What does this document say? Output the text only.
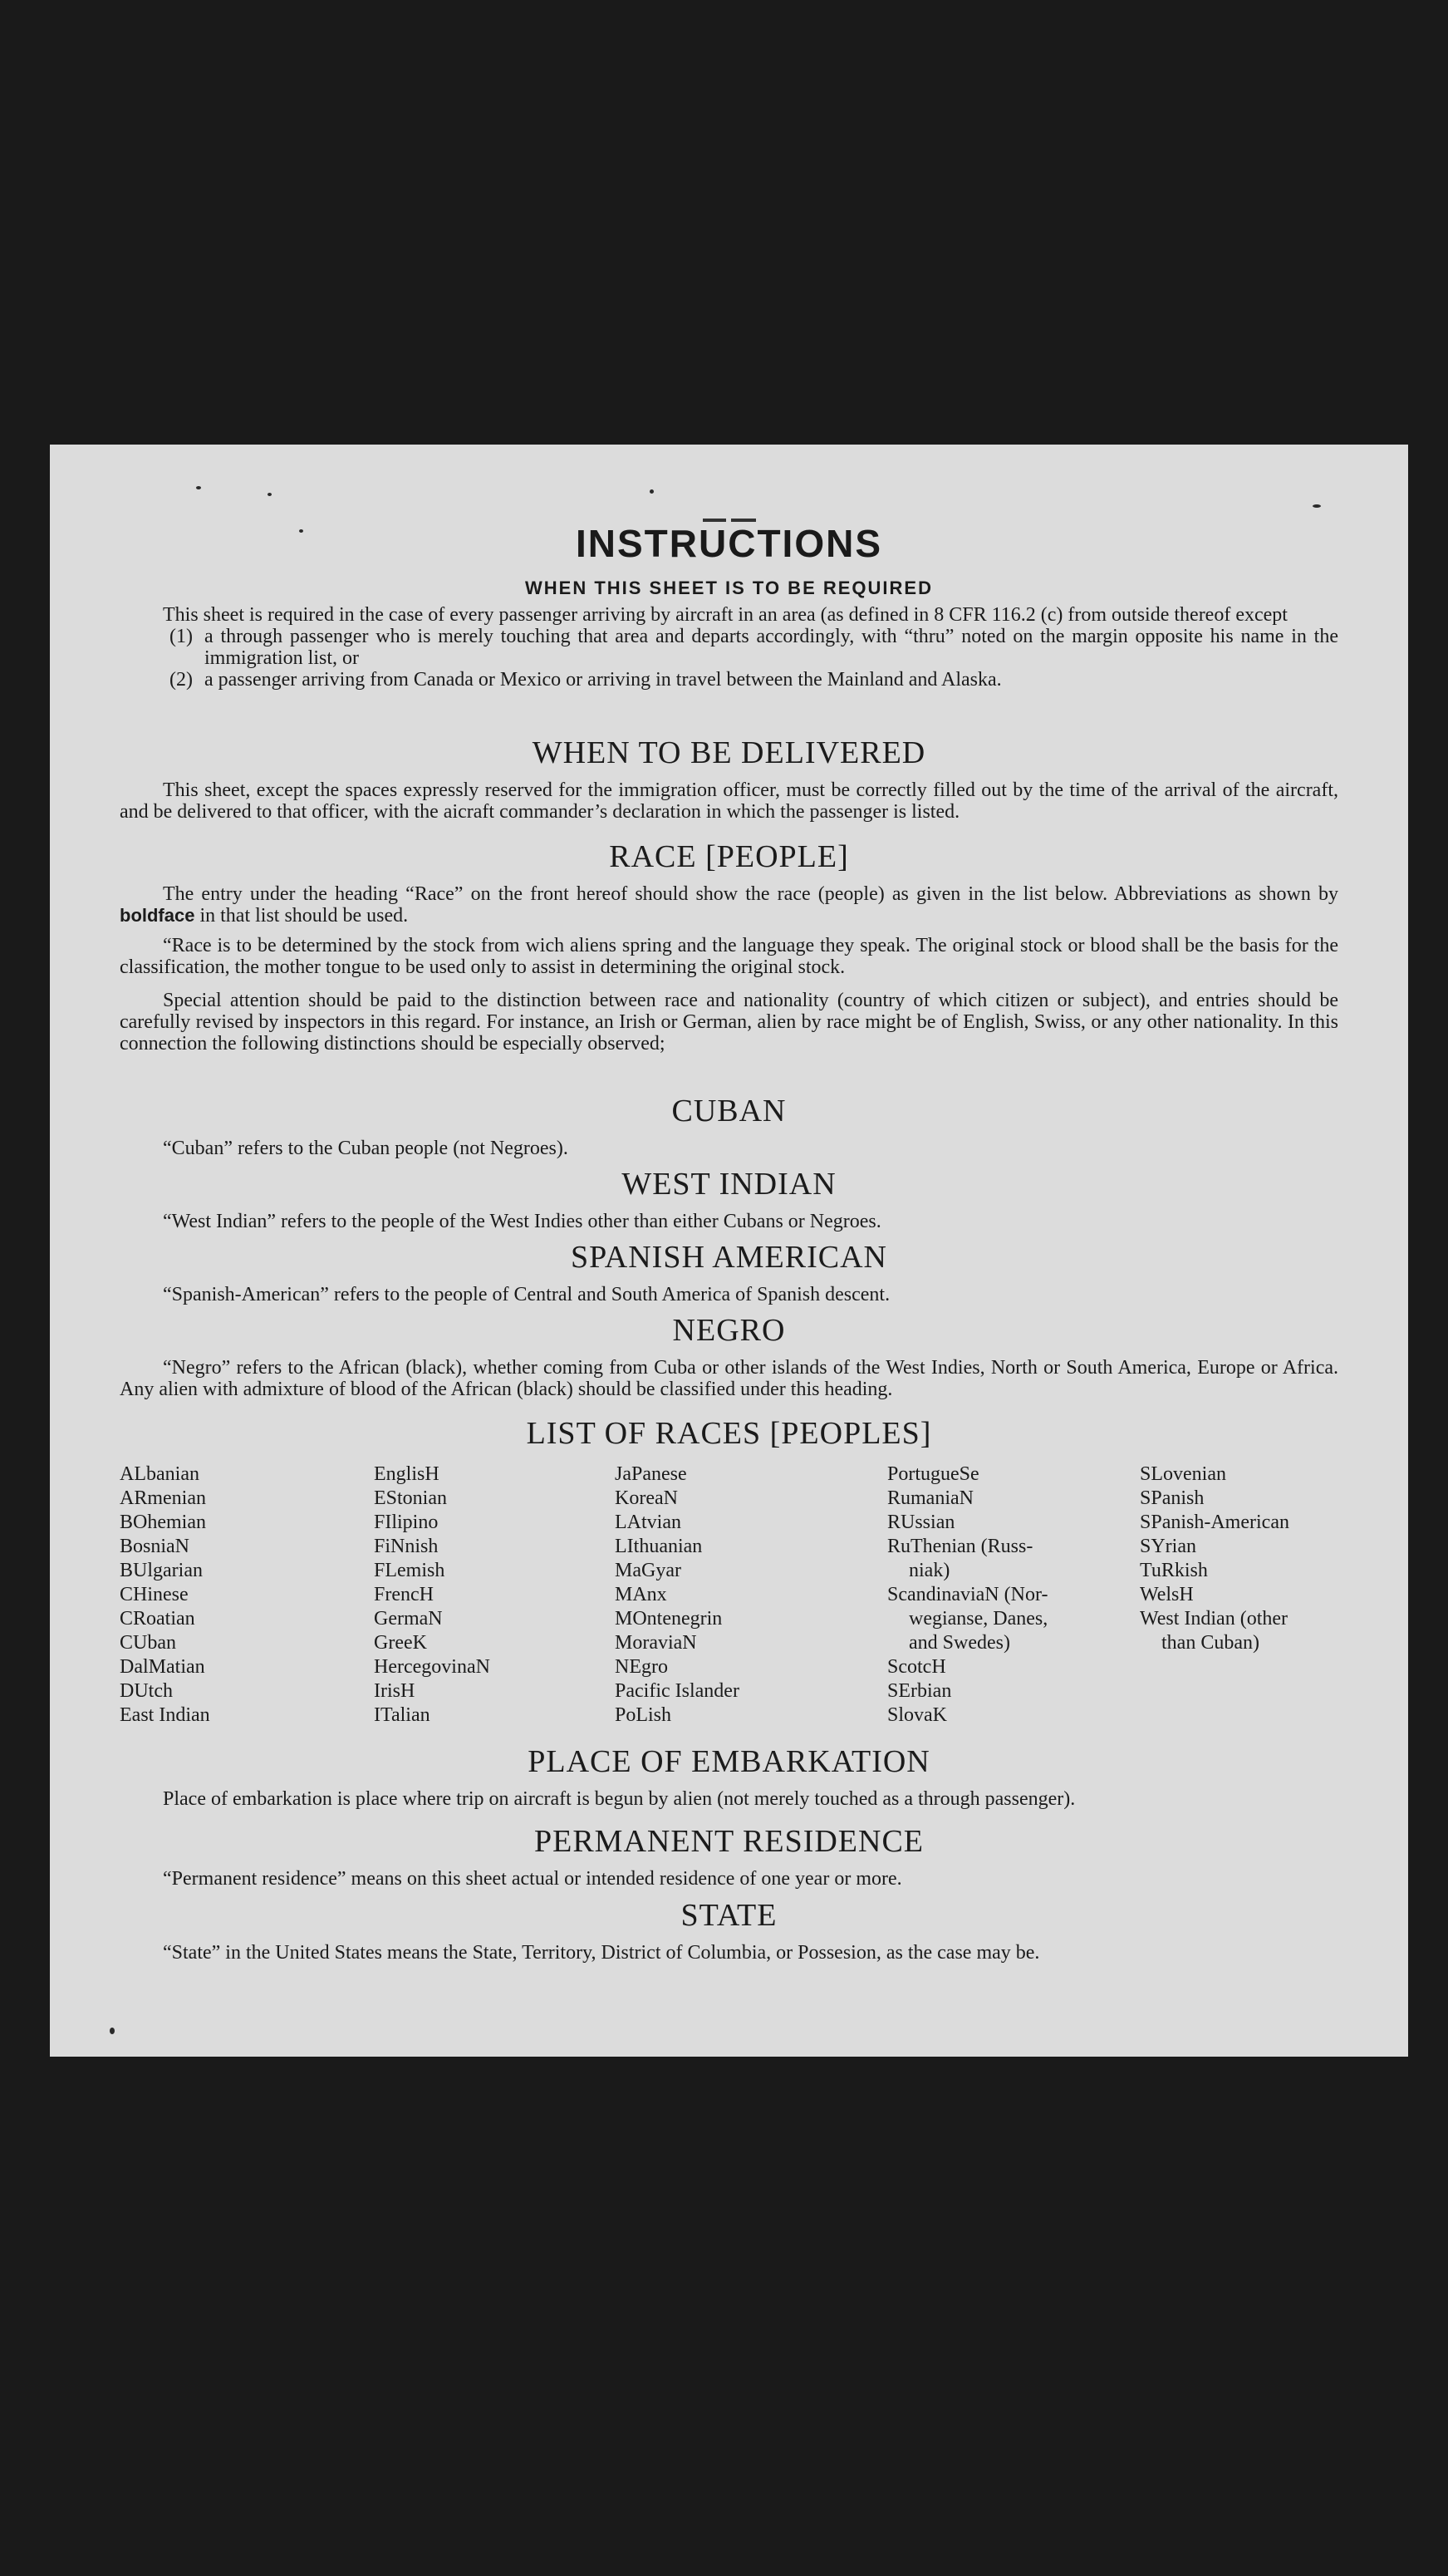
INSTRUCTIONS
WHEN THIS SHEET IS TO BE REQUIRED

This sheet is required in the case of every passenger arriving by aircraft in an area (as defined in 8 CFR 116.2 (c) from outside thereof except

(1) a through passenger who is merely touching that area and departs accordingly, with “thru” noted on the margin opposite his name in the immigration list, or
(2) a passenger arriving from Canada or Mexico or arriving in travel between the Mainland and Alaska.
WHEN TO BE DELIVERED

This sheet, except the spaces expressly reserved for the immigration officer, must be correctly filled out by the time of the arrival of the aircraft, and be delivered to that officer, with the aicraft commander’s declaration in which the passenger is listed.

RACE [PEOPLE]

The entry under the heading “Race” on the front hereof should show the race (people) as given in the list below. Abbreviations as shown by boldface in that list should be used.

“Race is to be determined by the stock from wich aliens spring and the language they speak. The original stock or blood shall be the basis for the classification, the mother tongue to be used only to assist in determining the original stock.

Special attention should be paid to the distinction between race and nationality (country of which citizen or subject), and entries should be carefully revised by inspectors in this regard. For instance, an Irish or German, alien by race might be of English, Swiss, or any other nationality. In this connection the following distinctions should be especially observed;

CUBAN

“Cuban” refers to the Cuban people (not Negroes).

WEST INDIAN

“West Indian” refers to the people of the West Indies other than either Cubans or Negroes.

SPANISH AMERICAN

“Spanish-American” refers to the people of Central and South America of Spanish descent.

NEGRO

“Negro” refers to the African (black), whether coming from Cuba or other islands of the West Indies, North or South America, Europe or Africa. Any alien with admixture of blood of the African (black) should be classified under this heading.

LIST OF RACES [PEOPLES]
ALbanian
ARmenian
BOhemian
BosniaN
BUlgarian
CHinese
CRoatian
CUban
DalMatian
DUtch
East Indian
EnglisH
EStonian
FIlipino
FiNnish
FLemish
FrencH
GermaN
GreeK
HercegovinaN
IrisH
ITalian
JaPanese
KoreaN
LAtvian
LIthuanian
MaGyar
MAnx
MOntenegrin
MoraviaN
NEgro
Pacific Islander
PoLish
PortugueSe
RumaniaN
RUssian
RuThenian (Russ-
niak)
ScandinaviaN (Nor-
wegianse, Danes,
and Swedes)
ScotcH
SErbian
SlovaK
SLovenian
SPanish
SPanish-American
SYrian
TuRkish
WelsH
West Indian (other
than Cuban)
PLACE OF EMBARKATION

Place of embarkation is place where trip on aircraft is begun by alien (not merely touched as a through passenger).

PERMANENT RESIDENCE

“Permanent residence” means on this sheet actual or intended residence of one year or more.

STATE

“State” in the United States means the State, Territory, District of Columbia, or Possesion, as the case may be.
